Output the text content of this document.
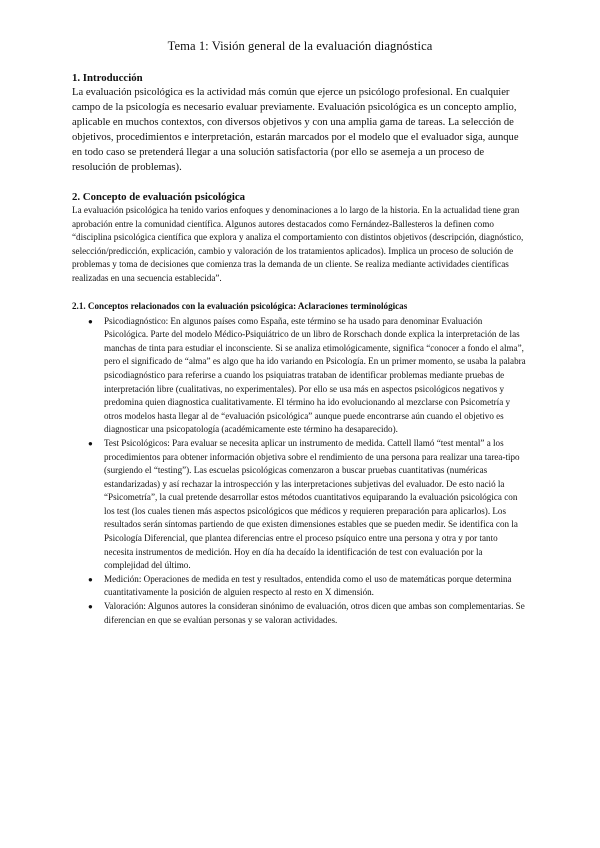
Tema 1: Visión general de la evaluación diagnóstica
1. Introducción

La evaluación psicológica es la actividad más común que ejerce un psicólogo profesional. En cualquier campo de la psicología es necesario evaluar previamente. Evaluación psicológica es un concepto amplio, aplicable en muchos contextos, con diversos objetivos y con una amplia gama de tareas. La selección de objetivos, procedimientos e interpretación, estarán marcados por el modelo que el evaluador siga, aunque en todo caso se pretenderá llegar a una solución satisfactoria (por ello se asemeja a un proceso de resolución de problemas).

2. Concepto de evaluación psicológica

La evaluación psicológica ha tenido varios enfoques y denominaciones a lo largo de la historia. En la actualidad tiene gran aprobación entre la comunidad científica. Algunos autores destacados como Fernández-Ballesteros la definen como “disciplina psicológica científica que explora y analiza el comportamiento con distintos objetivos (descripción, diagnóstico, selección/predicción, explicación, cambio y valoración de los tratamientos aplicados). Implica un proceso de solución de problemas y toma de decisiones que comienza tras la demanda de un cliente. Se realiza mediante actividades científicas realizadas en una secuencia establecida”.

2.1. Conceptos relacionados con la evaluación psicológica: Aclaraciones terminológicas
● Psicodiagnóstico: En algunos países como España, este término se ha usado para denominar Evaluación Psicológica. Parte del modelo Médico-Psiquiátrico de un libro de Rorschach donde explica la interpretación de las manchas de tinta para estudiar el inconsciente. Si se analiza etimológicamente, significa “conocer a fondo el alma”, pero el significado de “alma” es algo que ha ido variando en Psicología. En un primer momento, se usaba la palabra psicodiagnóstico para referirse a cuando los psiquiatras trataban de identificar problemas mediante pruebas de interpretación libre (cualitativas, no experimentales). Por ello se usa más en aspectos psicológicos negativos y predomina quien diagnostica cualitativamente. El término ha ido evolucionando al mezclarse con Psicometría y otros modelos hasta llegar al de “evaluación psicológica” aunque puede encontrarse aún cuando el objetivo es diagnosticar una psicopatología (académicamente este término ha desaparecido).
● Test Psicológicos: Para evaluar se necesita aplicar un instrumento de medida. Cattell llamó “test mental” a los procedimientos para obtener información objetiva sobre el rendimiento de una persona para realizar una tarea-tipo (surgiendo el “testing”). Las escuelas psicológicas comenzaron a buscar pruebas cuantitativas (numéricas estandarizadas) y así rechazar la introspección y las interpretaciones subjetivas del evaluador. De esto nació la “Psicometría”, la cual pretende desarrollar estos métodos cuantitativos equiparando la evaluación psicológica con los test (los cuales tienen más aspectos psicológicos que médicos y requieren preparación para aplicarlos). Los resultados serán síntomas partiendo de que existen dimensiones estables que se pueden medir. Se identifica con la Psicología Diferencial, que plantea diferencias entre el proceso psíquico entre una persona y otra y por tanto necesita instrumentos de medición. Hoy en día ha decaído la identificación de test con evaluación por la complejidad del último.
● Medición: Operaciones de medida en test y resultados, entendida como el uso de matemáticas porque determina cuantitativamente la posición de alguien respecto al resto en X dimensión.
● Valoración: Algunos autores la consideran sinónimo de evaluación, otros dicen que ambas son complementarias. Se diferencian en que se evalúan personas y se valoran actividades.
